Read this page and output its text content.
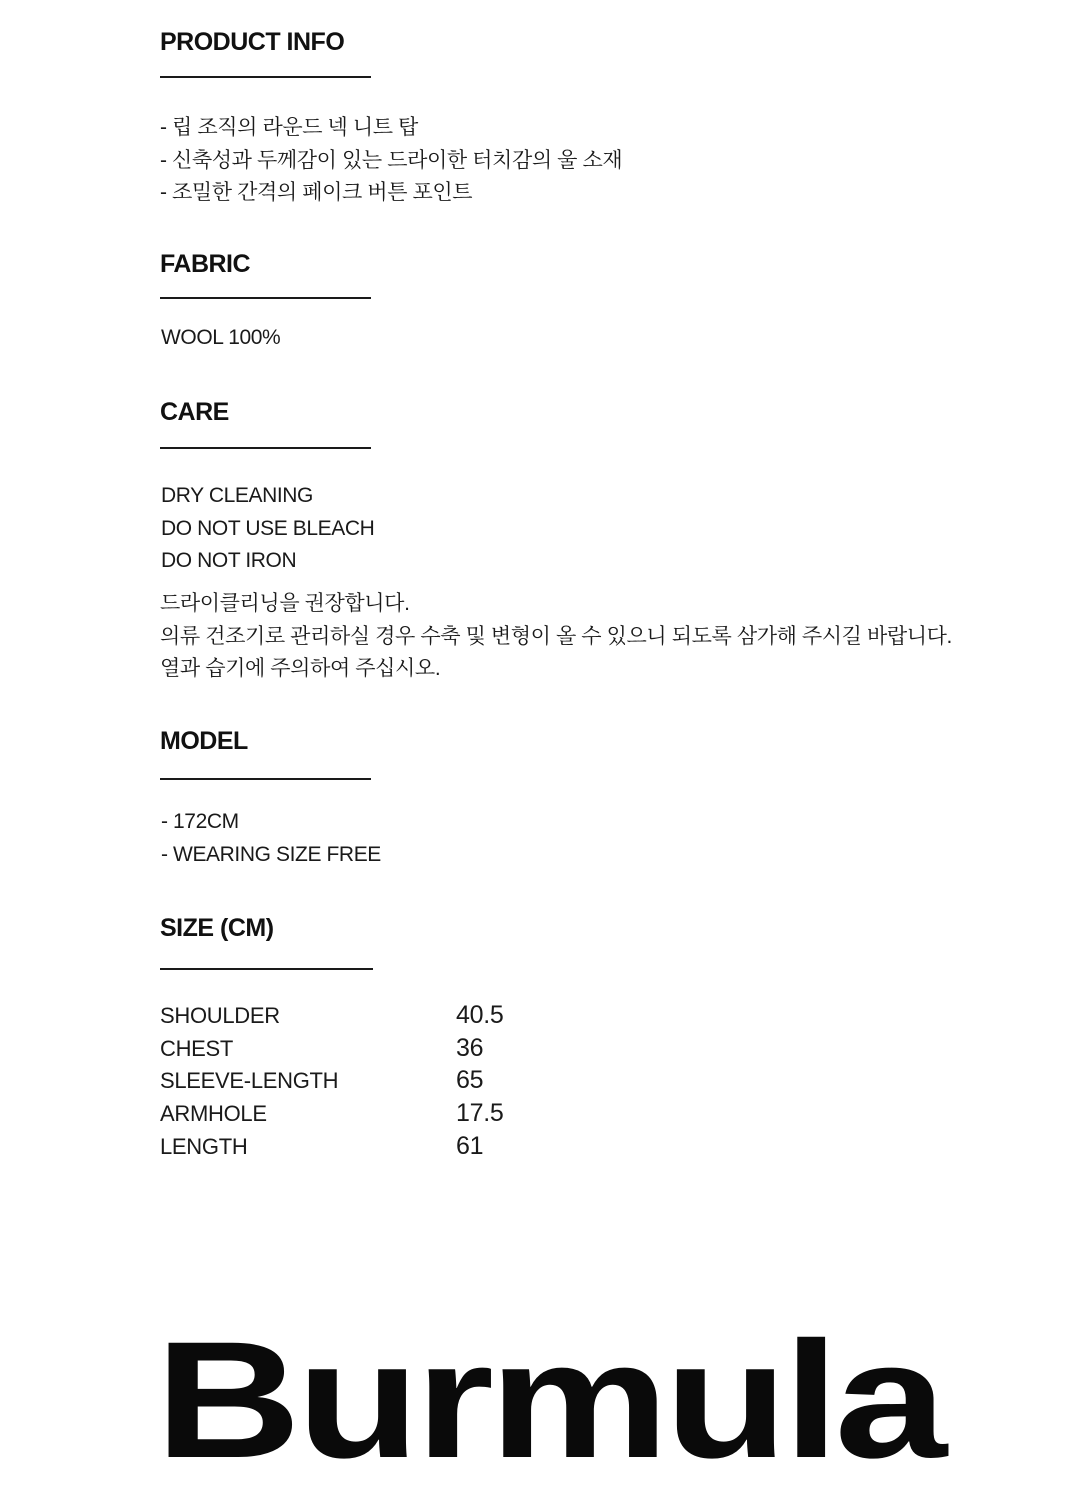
PRODUCT INFO
- 립 조직의 라운드 넥 니트 탑
- 신축성과 두께감이 있는 드라이한 터치감의 울 소재
- 조밀한 간격의 페이크 버튼 포인트
FABRIC
WOOL 100%
CARE
DRY CLEANING
DO NOT USE BLEACH
DO NOT IRON
드라이클리닝을 권장합니다.
의류 건조기로 관리하실 경우 수축 및 변형이 올 수 있으니 되도록 삼가해 주시길 바랍니다.
열과 습기에 주의하여 주십시오.
MODEL
- 172CM
- WEARING SIZE FREE
SIZE (CM)
SHOULDER	40.5
CHEST	36
SLEEVE-LENGTH	65
ARMHOLE	17.5
LENGTH	61
Burmula
